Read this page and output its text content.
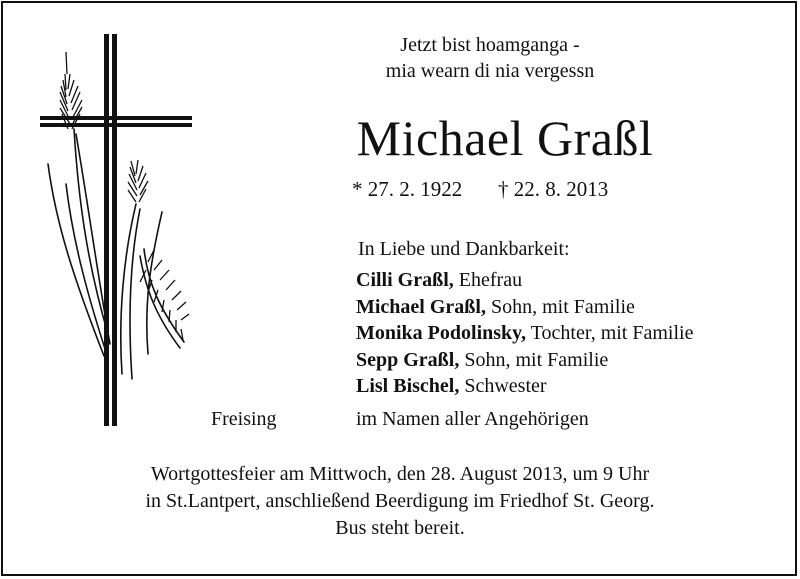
Jetzt bist hoamganga -
mia wearn di nia vergessn
Michael Graßl
* 27. 2. 1922 † 22. 8. 2013
In Liebe und Dankbarkeit:
Cilli Graßl, Ehefrau
Michael Graßl, Sohn, mit Familie
Monika Podolinsky, Tochter, mit Familie
Sepp Graßl, Sohn, mit Familie
Lisl Bischel, Schwester
Freising	im Namen aller Angehörigen
Wortgottesfeier am Mittwoch, den 28. August 2013, um 9 Uhr
in St.Lantpert, anschließend Beerdigung im Friedhof St. Georg.
Bus steht bereit.
